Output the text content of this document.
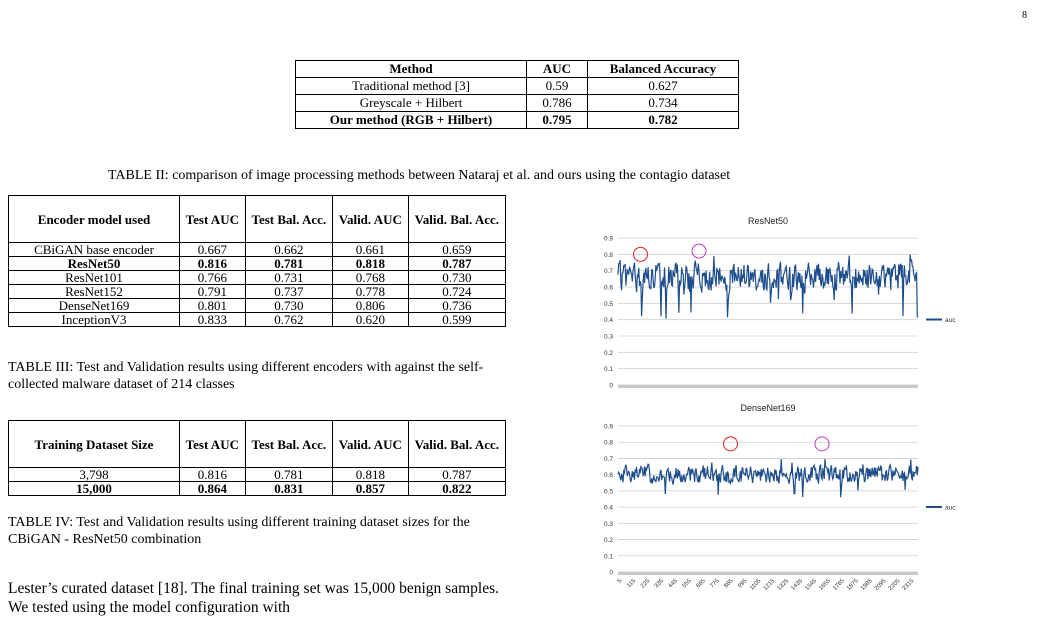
8
Method	AUC	Balanced Accuracy
Traditional method [3]	0.59	0.627
Greyscale + Hilbert	0.786	0.734
Our method (RGB + Hilbert)	0.795	0.782
TABLE II: comparison of image processing methods between Nataraj et al. and ours using the contagio dataset
Encoder model used	Test AUC	Test Bal. Acc.	Valid. AUC	Valid. Bal. Acc.
CBiGAN base encoder	0.667	0.662	0.661	0.659
ResNet50	0.816	0.781	0.818	0.787
ResNet101	0.766	0.731	0.768	0.730
ResNet152	0.791	0.737	0.778	0.724
DenseNet169	0.801	0.730	0.806	0.736
InceptionV3	0.833	0.762	0.620	0.599
TABLE III: Test and Validation results using different encoders with against the self-collected malware dataset of 214 classes
Training Dataset Size	Test AUC	Test Bal. Acc.	Valid. AUC	Valid. Bal. Acc.
3,798	0.816	0.781	0.818	0.787
15,000	0.864	0.831	0.857	0.822
TABLE IV: Test and Validation results using different training dataset sizes for the CBiGAN - ResNet50 combination
Lester’s curated dataset [18]. The final training set was 15,000 benign samples. We tested using the model configuration with
ResNet50
0
0.1
0.2
0.3
0.4
0.5
0.6
0.7
0.8
0.9
auc
DenseNet169
0
0.1
0.2
0.3
0.4
0.5
0.6
0.7
0.8
0.9
5 115 225 335 445 555 665 775 885 995 1105 1215 1325 1435 1545 1655 1765 1875 1985 2095 2205 2315
auc
